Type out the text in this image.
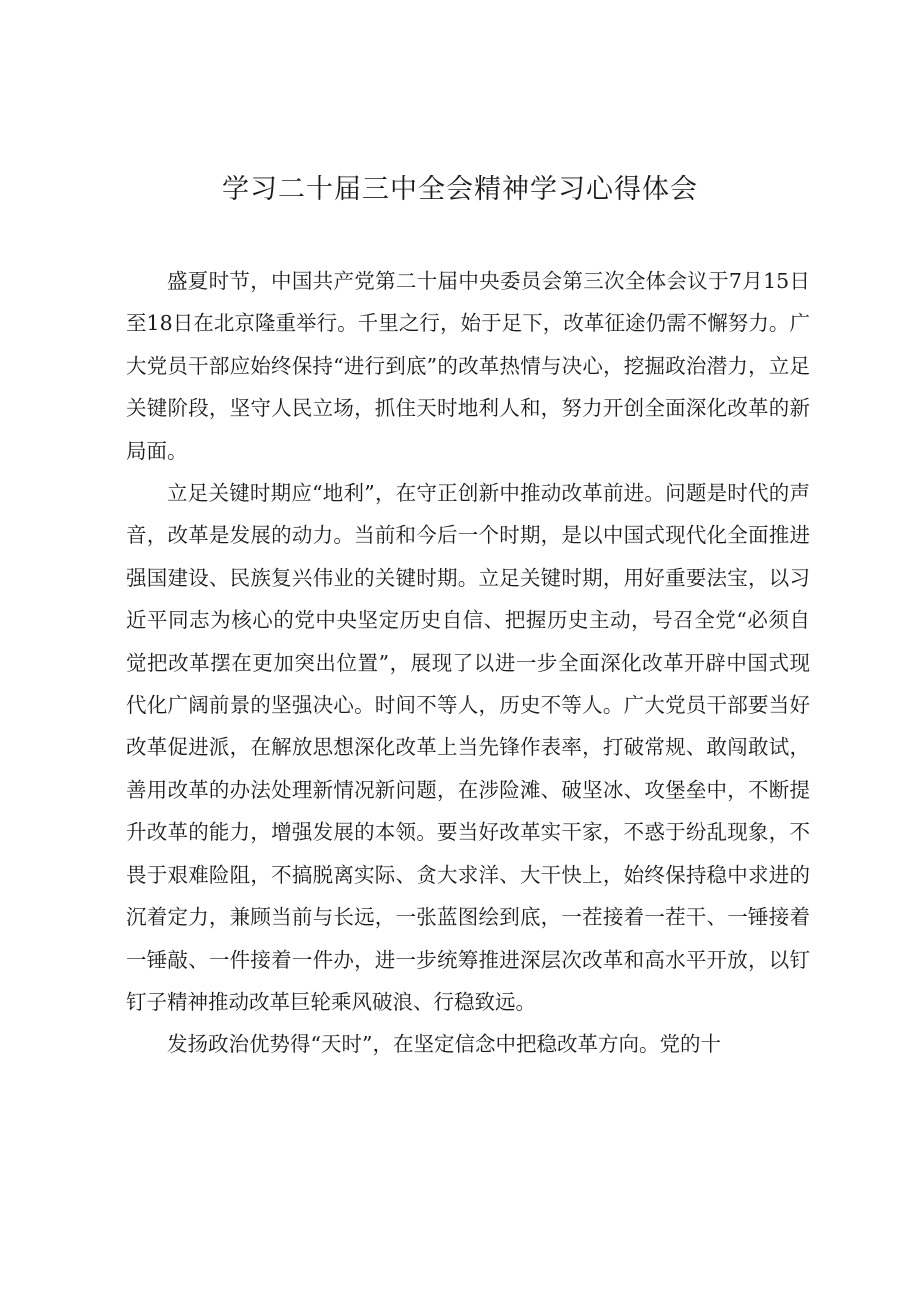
学习二十届三中全会精神学习心得体会

盛夏时节，中国共产党第二十届中央委员会第三次全体会议于7月15日至18日在北京隆重举行。千里之行，始于足下，改革征途仍需不懈努力。广大党员干部应始终保持“进行到底”的改革热情与决心，挖掘政治潜力，立足关键阶段，坚守人民立场，抓住天时地利人和，努力开创全面深化改革的新局面。

立足关键时期应“地利”，在守正创新中推动改革前进。问题是时代的声音，改革是发展的动力。当前和今后一个时期，是以中国式现代化全面推进强国建设、民族复兴伟业的关键时期。立足关键时期，用好重要法宝，以习近平同志为核心的党中央坚定历史自信、把握历史主动，号召全党“必须自觉把改革摆在更加突出位置”，展现了以进一步全面深化改革开辟中国式现代化广阔前景的坚强决心。时间不等人，历史不等人。广大党员干部要当好改革促进派，在解放思想深化改革上当先锋作表率，打破常规、敢闯敢试，善用改革的办法处理新情况新问题，在涉险滩、破坚冰、攻堡垒中，不断提升改革的能力，增强发展的本领。要当好改革实干家，不惑于纷乱现象，不畏于艰难险阻，不搞脱离实际、贪大求洋、大干快上，始终保持稳中求进的沉着定力，兼顾当前与长远，一张蓝图绘到底，一茬接着一茬干、一锤接着一锤敲、一件接着一件办，进一步统筹推进深层次改革和高水平开放，以钉钉子精神推动改革巨轮乘风破浪、行稳致远。

发扬政治优势得“天时”，在坚定信念中把稳改革方向。党的十
